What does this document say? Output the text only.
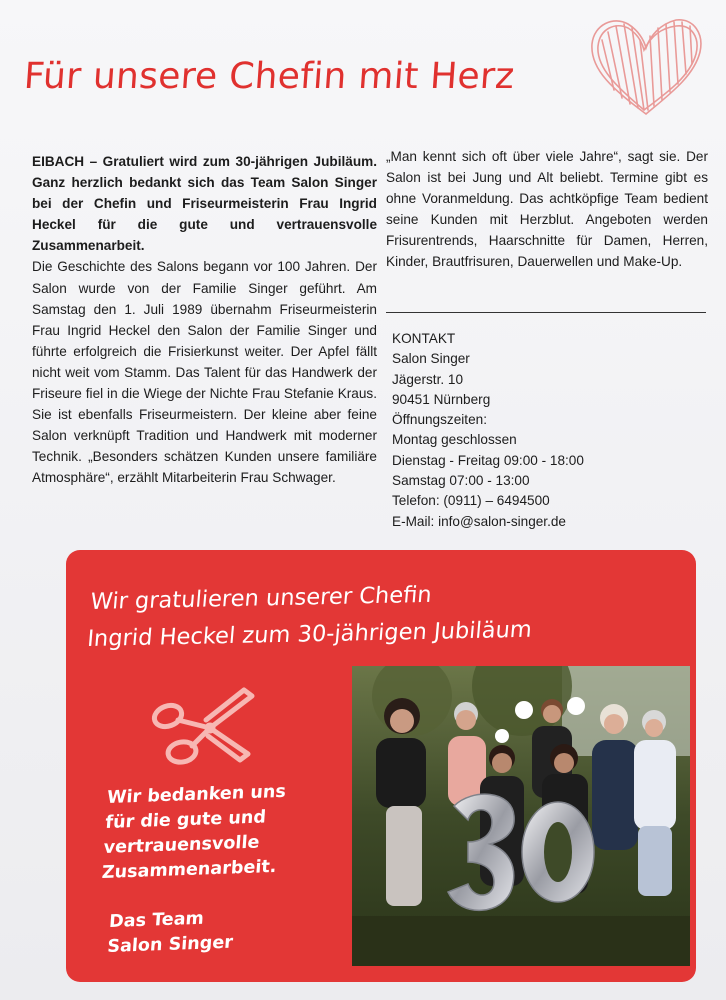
Für unsere Chefin mit Herz
EIBACH – Gratuliert wird zum 30-jährigen Jubiläum. Ganz herzlich bedankt sich das Team Salon Singer bei der Chefin und Friseurmeisterin Frau Ingrid Heckel für die gute und vertrauensvolle Zusammenarbeit.
Die Geschichte des Salons begann vor 100 Jahren. Der Salon wurde von der Familie Singer geführt. Am Samstag den 1. Juli 1989 übernahm Friseurmeisterin Frau Ingrid Heckel den Salon der Familie Singer und führte erfolgreich die Frisierkunst weiter. Der Apfel fällt nicht weit vom Stamm. Das Talent für das Handwerk der Friseure fiel in die Wiege der Nichte Frau Stefanie Kraus. Sie ist ebenfalls Friseurmeistern. Der kleine aber feine Salon verknüpft Tradition und Handwerk mit moderner Technik. „Besonders schätzen Kunden unsere familiäre Atmosphäre“, erzählt Mitarbeiterin Frau Schwager.
„Man kennt sich oft über viele Jahre“, sagt sie. Der Salon ist bei Jung und Alt beliebt. Termine gibt es ohne Voranmeldung. Das achtköpfige Team bedient seine Kunden mit Herzblut. Angeboten werden Frisurentrends, Haarschnitte für Damen, Herren, Kinder, Brautfrisuren, Dauerwellen und Make-Up.
KONTAKT
Salon Singer
Jägerstr. 10
90451 Nürnberg
Öffnungszeiten:
Montag geschlossen
Dienstag - Freitag 09:00 - 18:00
Samstag 07:00 - 13:00
Telefon: (0911) – 6494500
E-Mail: info@salon-singer.de
Wir gratulieren unserer Chefin
Ingrid Heckel zum 30-jährigen Jubiläum
Wir bedanken uns
für die gute und
vertrauensvolle
Zusammenarbeit.
Das Team
Salon Singer
